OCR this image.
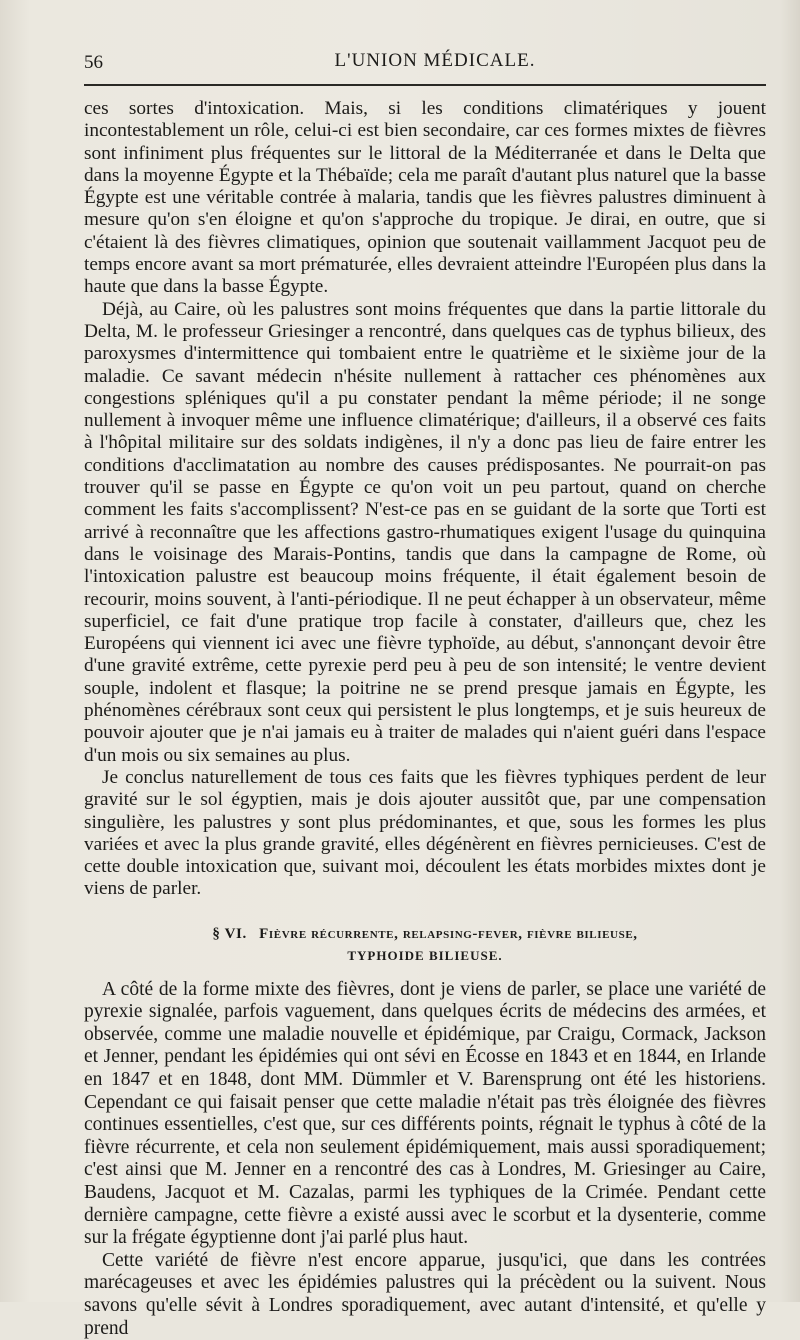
56	L'UNION MÉDICALE.

ces sortes d'intoxication. Mais, si les conditions climatériques y jouent incontestablement un rôle, celui-ci est bien secondaire, car ces formes mixtes de fièvres sont infiniment plus fréquentes sur le littoral de la Méditerranée et dans le Delta que dans la moyenne Égypte et la Thébaïde; cela me paraît d'autant plus naturel que la basse Égypte est une véritable contrée à malaria, tandis que les fièvres palustres diminuent à mesure qu'on s'en éloigne et qu'on s'approche du tropique. Je dirai, en outre, que si c'étaient là des fièvres climatiques, opinion que soutenait vaillamment Jacquot peu de temps encore avant sa mort prématurée, elles devraient atteindre l'Européen plus dans la haute que dans la basse Égypte.

Déjà, au Caire, où les palustres sont moins fréquentes que dans la partie littorale du Delta, M. le professeur Griesinger a rencontré, dans quelques cas de typhus bilieux, des paroxysmes d'intermittence qui tombaient entre le quatrième et le sixième jour de la maladie. Ce savant médecin n'hésite nullement à rattacher ces phénomènes aux congestions spléniques qu'il a pu constater pendant la même période; il ne songe nullement à invoquer même une influence climatérique; d'ailleurs, il a observé ces faits à l'hôpital militaire sur des soldats indigènes, il n'y a donc pas lieu de faire entrer les conditions d'acclimatation au nombre des causes prédisposantes. Ne pourrait-on pas trouver qu'il se passe en Égypte ce qu'on voit un peu partout, quand on cherche comment les faits s'accomplissent? N'est-ce pas en se guidant de la sorte que Torti est arrivé à reconnaître que les affections gastro-rhumatiques exigent l'usage du quinquina dans le voisinage des Marais-Pontins, tandis que dans la campagne de Rome, où l'intoxication palustre est beaucoup moins fréquente, il était également besoin de recourir, moins souvent, à l'anti-périodique. Il ne peut échapper à un observateur, même superficiel, ce fait d'une pratique trop facile à constater, d'ailleurs que, chez les Européens qui viennent ici avec une fièvre typhoïde, au début, s'annonçant devoir être d'une gravité extrême, cette pyrexie perd peu à peu de son intensité; le ventre devient souple, indolent et flasque; la poitrine ne se prend presque jamais en Égypte, les phénomènes cérébraux sont ceux qui persistent le plus longtemps, et je suis heureux de pouvoir ajouter que je n'ai jamais eu à traiter de malades qui n'aient guéri dans l'espace d'un mois ou six semaines au plus.

Je conclus naturellement de tous ces faits que les fièvres typhiques perdent de leur gravité sur le sol égyptien, mais je dois ajouter aussitôt que, par une compensation singulière, les palustres y sont plus prédominantes, et que, sous les formes les plus variées et avec la plus grande gravité, elles dégénèrent en fièvres pernicieuses. C'est de cette double intoxication que, suivant moi, découlent les états morbides mixtes dont je viens de parler.

§ VI. Fièvre récurrente, relapsing-fever, fièvre bilieuse,
TYPHOIDE BILIEUSE.

A côté de la forme mixte des fièvres, dont je viens de parler, se place une variété de pyrexie signalée, parfois vaguement, dans quelques écrits de médecins des armées, et observée, comme une maladie nouvelle et épidémique, par Craigu, Cormack, Jackson et Jenner, pendant les épidémies qui ont sévi en Écosse en 1843 et en 1844, en Irlande en 1847 et en 1848, dont MM. Dümmler et V. Barensprung ont été les historiens. Cependant ce qui faisait penser que cette maladie n'était pas très éloignée des fièvres continues essentielles, c'est que, sur ces différents points, régnait le typhus à côté de la fièvre récurrente, et cela non seulement épidémiquement, mais aussi sporadiquement; c'est ainsi que M. Jenner en a rencontré des cas à Londres, M. Griesinger au Caire, Baudens, Jacquot et M. Cazalas, parmi les typhiques de la Crimée. Pendant cette dernière campagne, cette fièvre a existé aussi avec le scorbut et la dysenterie, comme sur la frégate égyptienne dont j'ai parlé plus haut.

Cette variété de fièvre n'est encore apparue, jusqu'ici, que dans les contrées marécageuses et avec les épidémies palustres qui la précèdent ou la suivent. Nous savons qu'elle sévit à Londres sporadiquement, avec autant d'intensité, et qu'elle y prend
